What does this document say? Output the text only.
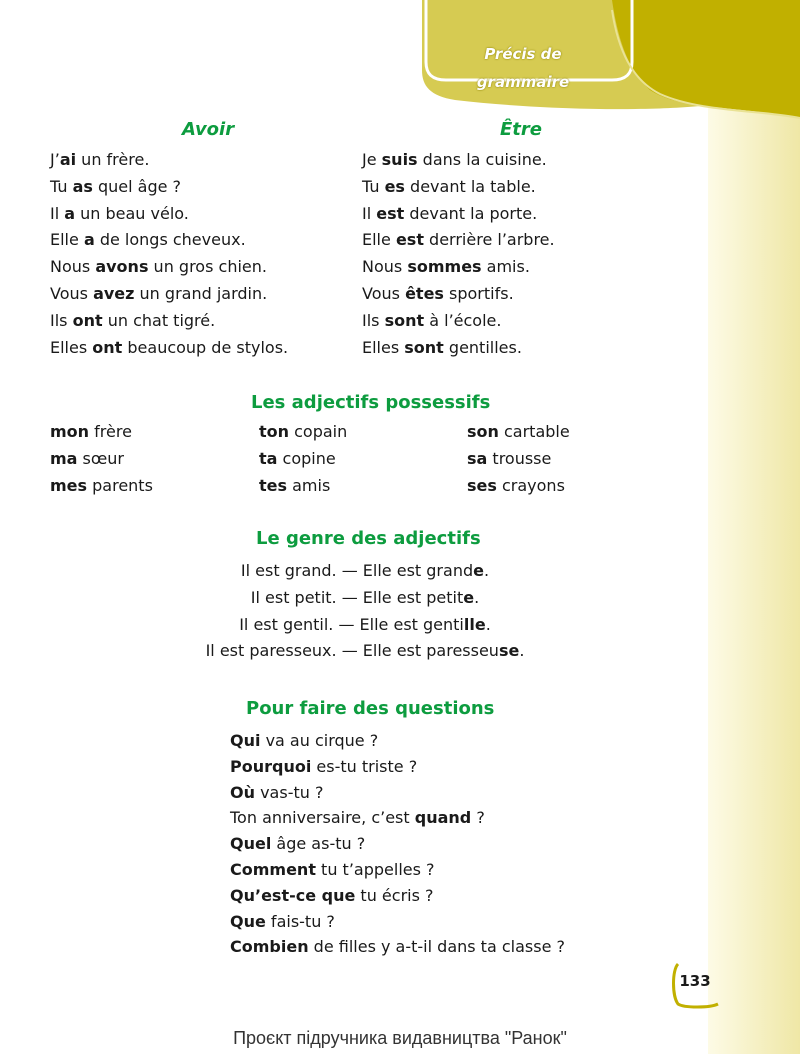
Précis de grammaire
Avoir
J’ai un frère.
Tu as quel âge ?
Il a un beau vélo.
Elle a de longs cheveux.
Nous avons un gros chien.
Vous avez un grand jardin.
Ils ont un chat tigré.
Elles ont beaucoup de stylos.
Être
Je suis dans la cuisine.
Tu es devant la table.
Il est devant la porte.
Elle est derrière l’arbre.
Nous sommes amis.
Vous êtes sportifs.
Ils sont à l’école.
Elles sont gentilles.
Les adjectifs possessifs
mon frère
ma sœur
mes parents
ton copain
ta copine
tes amis
son cartable
sa trousse
ses crayons
Le genre des adjectifs
Il est grand. — Elle est grande.
Il est petit. — Elle est petite.
Il est gentil. — Elle est gentille.
Il est paresseux. — Elle est paresseuse.
Pour faire des questions
Qui va au cirque ?
Pourquoi es-tu triste ?
Où vas-tu ?
Ton anniversaire, c’est quand ?
Quel âge as-tu ?
Comment tu t’appelles ?
Qu’est-ce que tu écris ?
Que fais-tu ?
Combien de filles y a-t-il dans ta classe ?
133
Проєкт підручника видавництва "Ранок"
